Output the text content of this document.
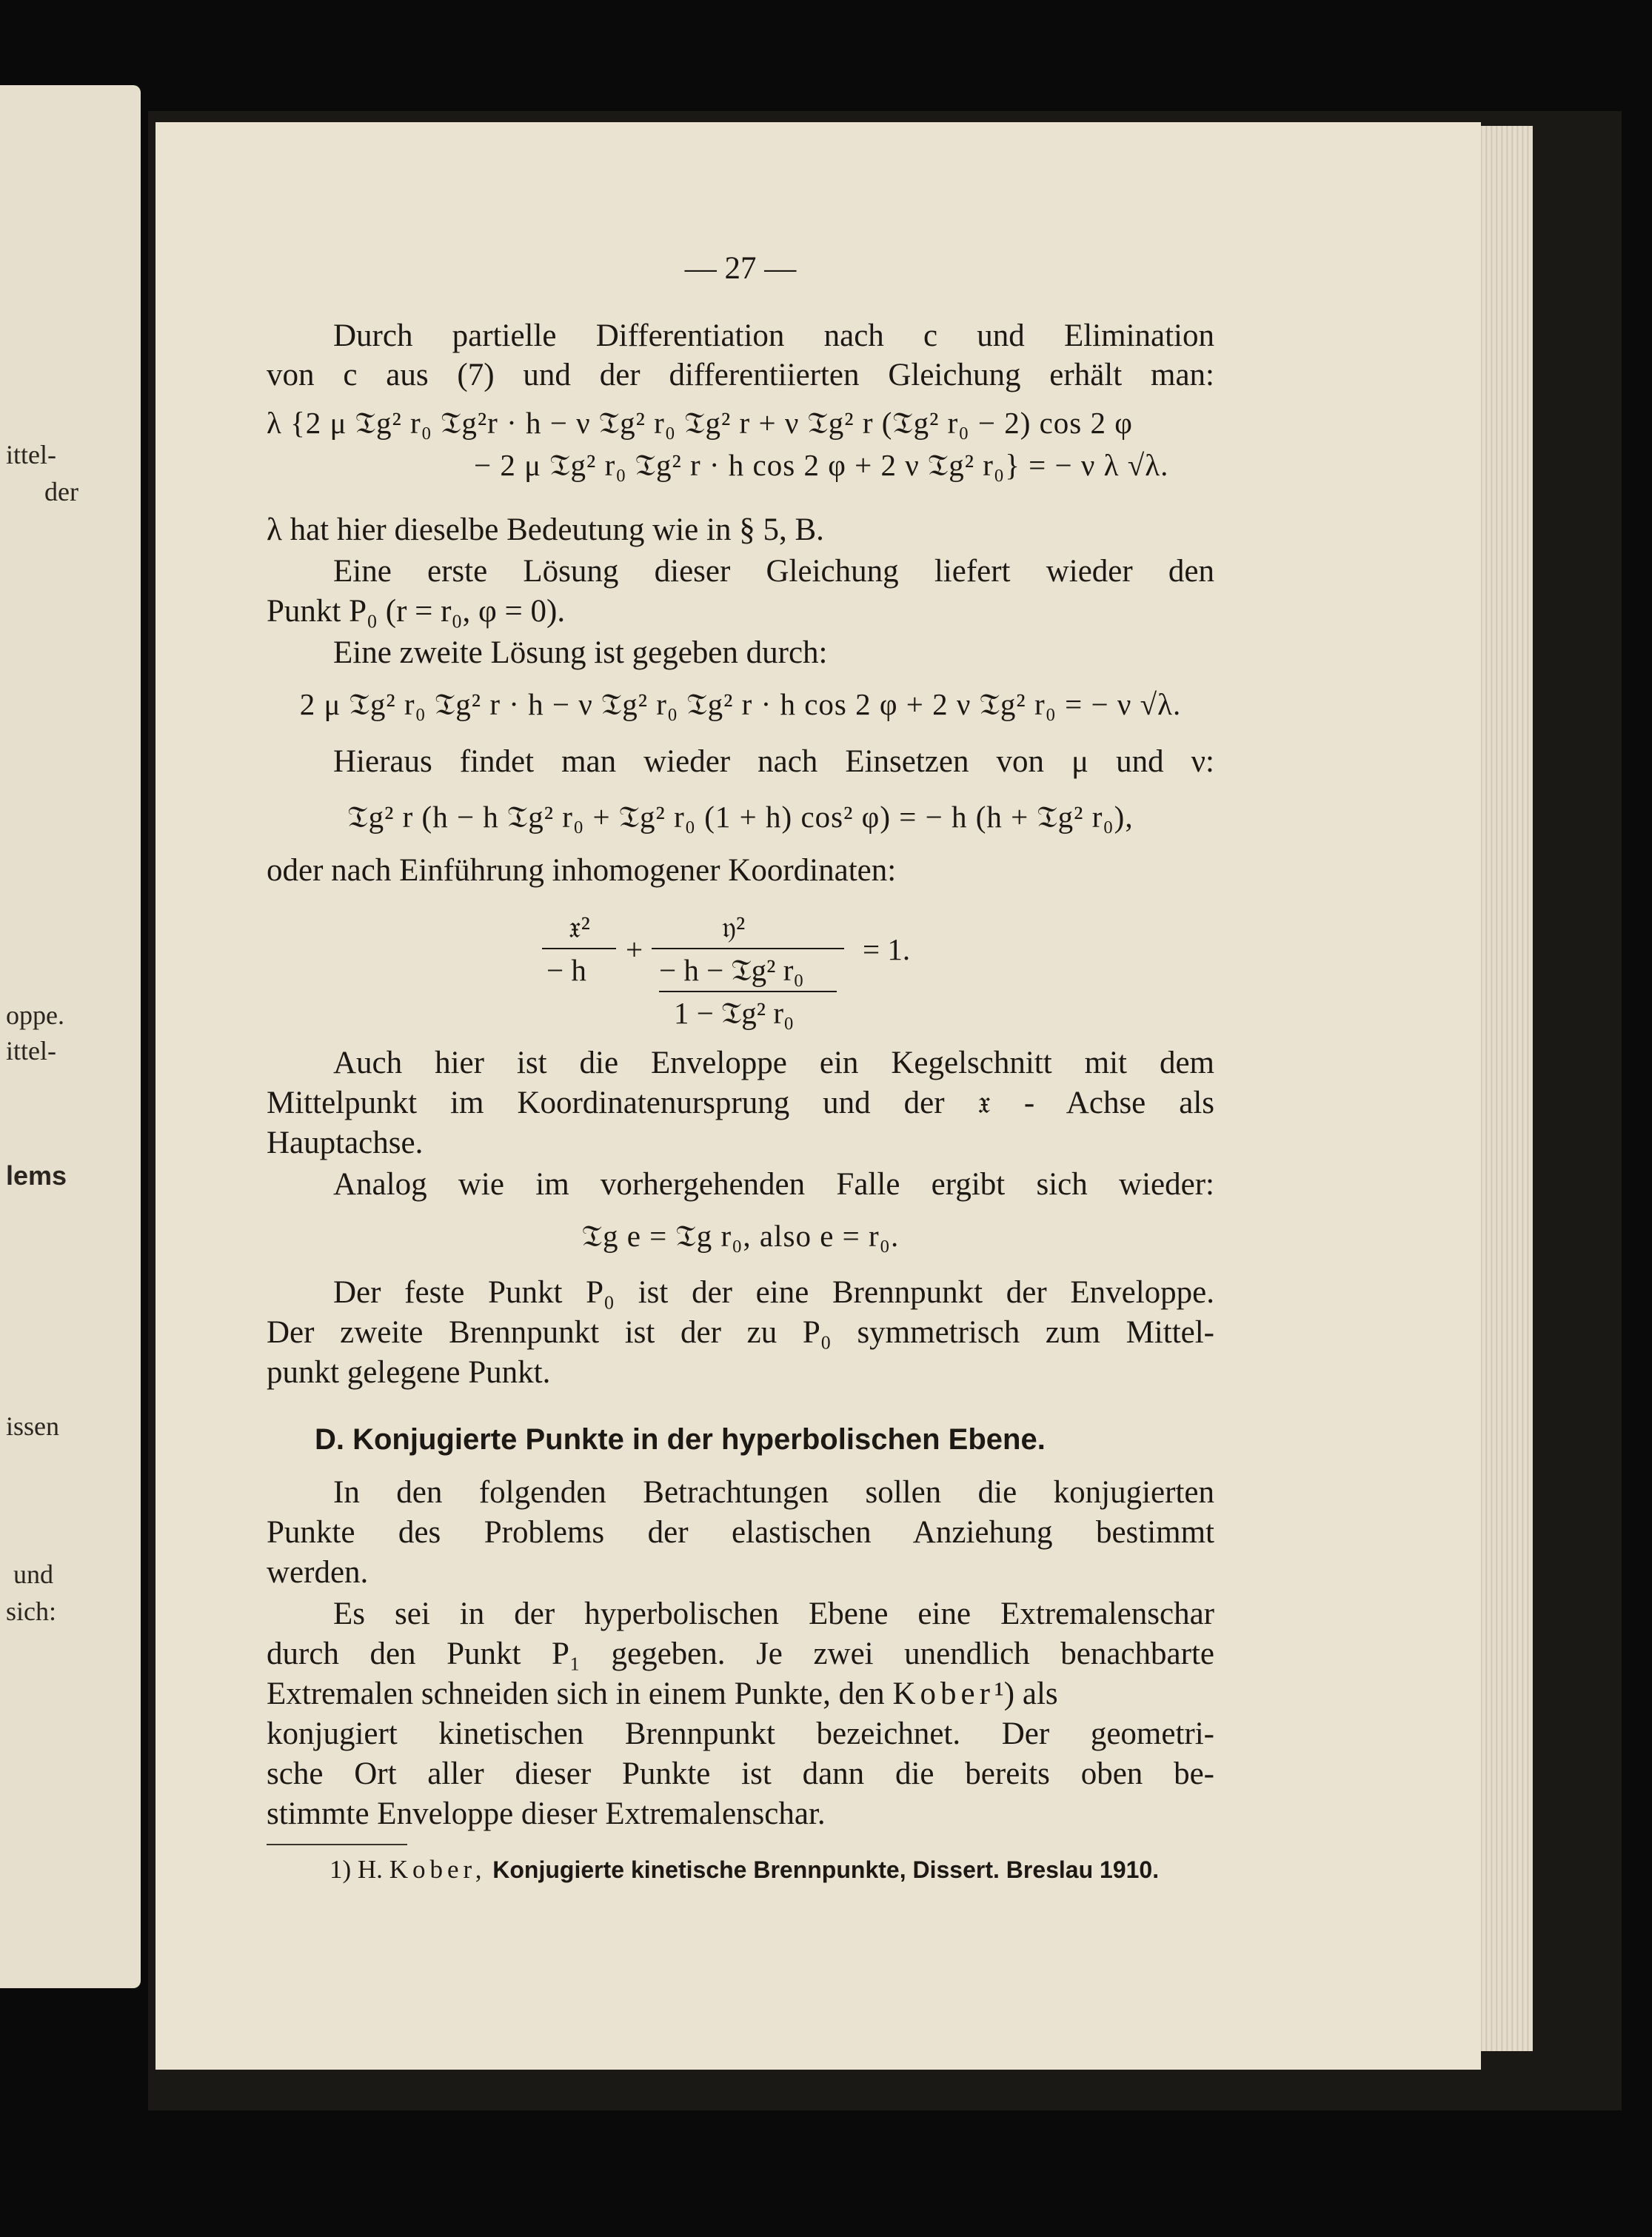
ittel-
der
oppe.
ittel-
lems
issen
und
sich:
— 27 —
Durch partielle Differentiation nach c und Elimination
von c aus (7) und der differentiierten Gleichung erhält man:
λ {2 μ 𝔗g² r₀ 𝔗g²r · h − ν 𝔗g² r₀ 𝔗g² r + ν 𝔗g² r (𝔗g² r₀ − 2) cos 2 φ
− 2 μ 𝔗g² r₀ 𝔗g² r · h cos 2 φ + 2 ν 𝔗g² r₀} = − ν λ √λ.
λ hat hier dieselbe Bedeutung wie in § 5, B.
Eine erste Lösung dieser Gleichung liefert wieder den
Punkt P₀ (r = r₀, φ = 0).
Eine zweite Lösung ist gegeben durch:
2 μ 𝔗g² r₀ 𝔗g² r · h − ν 𝔗g² r₀ 𝔗g² r · h cos 2 φ + 2 ν 𝔗g² r₀ = − ν √λ.
Hieraus findet man wieder nach Einsetzen von μ und ν:
𝔗g² r (h − h 𝔗g² r₀ + 𝔗g² r₀ (1 + h) cos² φ) = − h (h + 𝔗g² r₀),
oder nach Einführung inhomogener Koordinaten:
𝔵²
− h
+
𝔶²
− h − 𝔗g² r₀
1 − 𝔗g² r₀
= 1.
Auch hier ist die Enveloppe ein Kegelschnitt mit dem
Mittelpunkt im Koordinatenursprung und der 𝔵 - Achse als
Hauptachse.
Analog wie im vorhergehenden Falle ergibt sich wieder:
𝔗g e = 𝔗g r₀, also e = r₀.
Der feste Punkt P₀ ist der eine Brennpunkt der Enveloppe.
Der zweite Brennpunkt ist der zu P₀ symmetrisch zum Mittel-
punkt gelegene Punkt.
D. Konjugierte Punkte in der hyperbolischen Ebene.
In den folgenden Betrachtungen sollen die konjugierten
Punkte des Problems der elastischen Anziehung bestimmt
werden.
Es sei in der hyperbolischen Ebene eine Extremalenschar
durch den Punkt P₁ gegeben. Je zwei unendlich benachbarte
Extremalen schneiden sich in einem Punkte, den Kober¹) als
konjugiert kinetischen Brennpunkt bezeichnet. Der geometri-
sche Ort aller dieser Punkte ist dann die bereits oben be-
stimmte Enveloppe dieser Extremalenschar.
1) H. Kober, Konjugierte kinetische Brennpunkte, Dissert. Breslau 1910.
